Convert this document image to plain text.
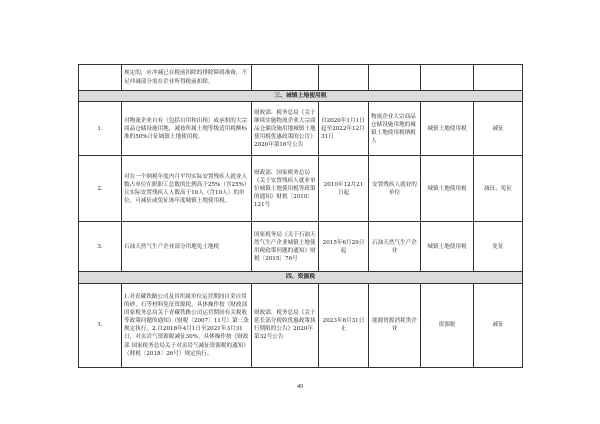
	规定的，应冲减已在税前扣除的排除障碍准备，不足冲减部分需在企业所得税前扣除。					
三、城镇土地使用税						
1.	对物流企业自有（包括自用和出租）或承租的大宗商品仓储设施用地，减按所属土地等级适用税额标准的50%计征城镇土地使用税。	财政部、税务总局《关于继续实施物流企业大宗商品仓储设施用地城镇土地使用税优惠政策的公告》2020年第16号公告	自2020年1月1日起至2022年12月31日	物流企业大宗商品仓储设施用地的城镇土地使用税纳税人	城镇土地使用税	减征
2.	对在一个纳税年度内月平均实际安置残疾人就业人数占单位在职职工总数的比例高于25%（含25%）且实际安置残疾人人数高于10人（含10人）的单位，可减征或免征该年度城镇土地使用税。	财政部、国家税务总局《关于安置残疾人就业单位城镇土地使用税等政策的通知》财税〔2010〕121号	2010年12月21日起	安置残疾人就业的单位	城镇土地使用税	减征、免征
3.	石油天然气生产企业部分用地免土地税	国家税务局《关于石油天然气生产企业城镇土地使用税政策问题的通知》财税〔2015〕76号	2015年6月29日起	石油天然气生产企业	城镇土地使用税	免征
四、资源税						
1.	1.对青藏铁路公司及其所属单位运营期间自采自用的砂、石等材料免征资源税，具体操作按《财政部 国家税务总局关于青藏铁路公司运营期间有关税收等政策问题的通知》（财税〔2007〕11号）第三条规定执行。2.自2018年4月1日至2021年3月31日，对页岩气资源税减征30%。具体操作按《财政部 国家税务总局关于对页岩气减征资源税的通知》（财税〔2018〕26号）规定执行。	财政部、税务总局《关于延长部分税收优惠政策执行期限的公告》2020年第32号公告	2023年8月31日止	能源资源消耗类企业	资源税	减征
49
